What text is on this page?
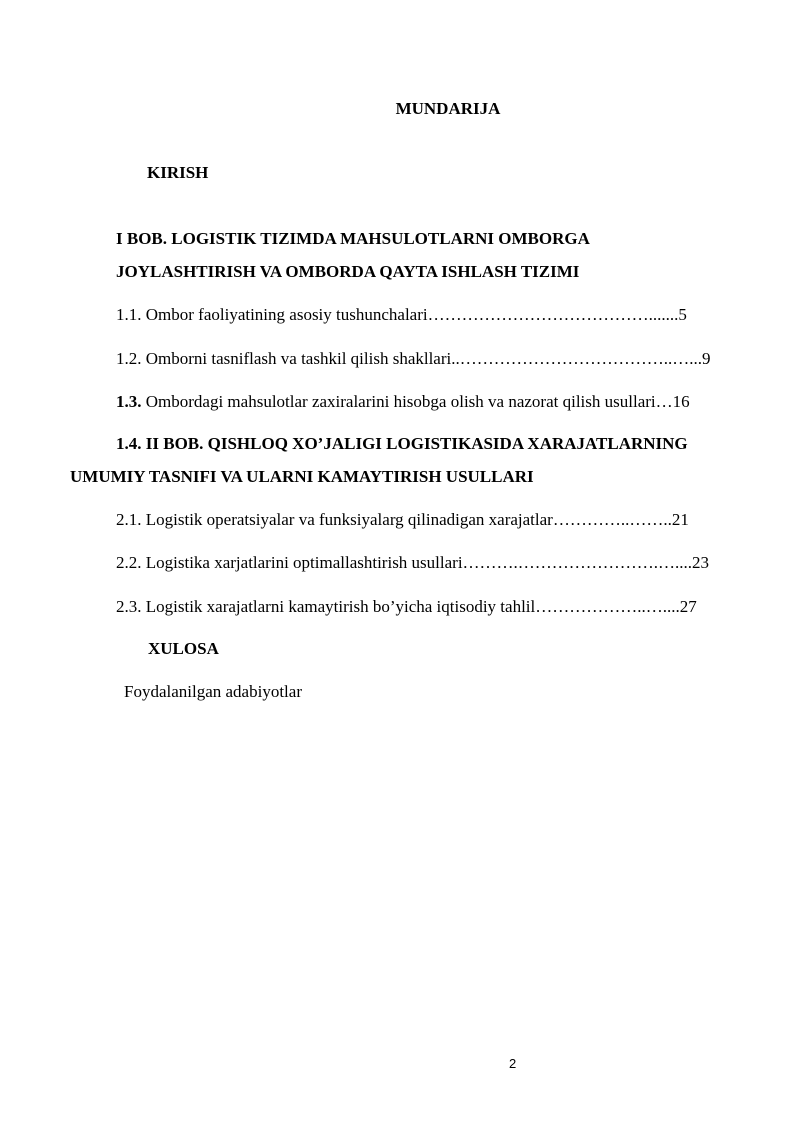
MUNDARIJA
KIRISH
I BOB. LOGISTIK TIZIMDA MAHSULOTLARNI OMBORGA
JOYLASHTIRISH VA OMBORDA QAYTA ISHLASH TIZIMI
1.1. Ombor faoliyatining asosiy tushunchalari………………………………….......5
1.2. Omborni tasniflash va tashkil qilish shakllari..………………………………..…...9
1.3. Ombordagi mahsulotlar zaxiralarini hisobga olish va nazorat qilish usullari…16
1.4. II BOB. QISHLOQ XO’JALIGI LOGISTIKASIDA XARAJATLARNING
UMUMIY TASNIFI VA ULARNI KAMAYTIRISH USULLARI
2.1. Logistik operatsiyalar va funksiyalarg qilinadigan xarajatlar…………..……..21
2.2. Logistika xarjatlarini optimallashtirish usullari……….…………………….…....23
2.3. Logistik xarajatlarni kamaytirish bo’yicha iqtisodiy tahlil………………..…....27
XULOSA
Foydalanilgan adabiyotlar
2
